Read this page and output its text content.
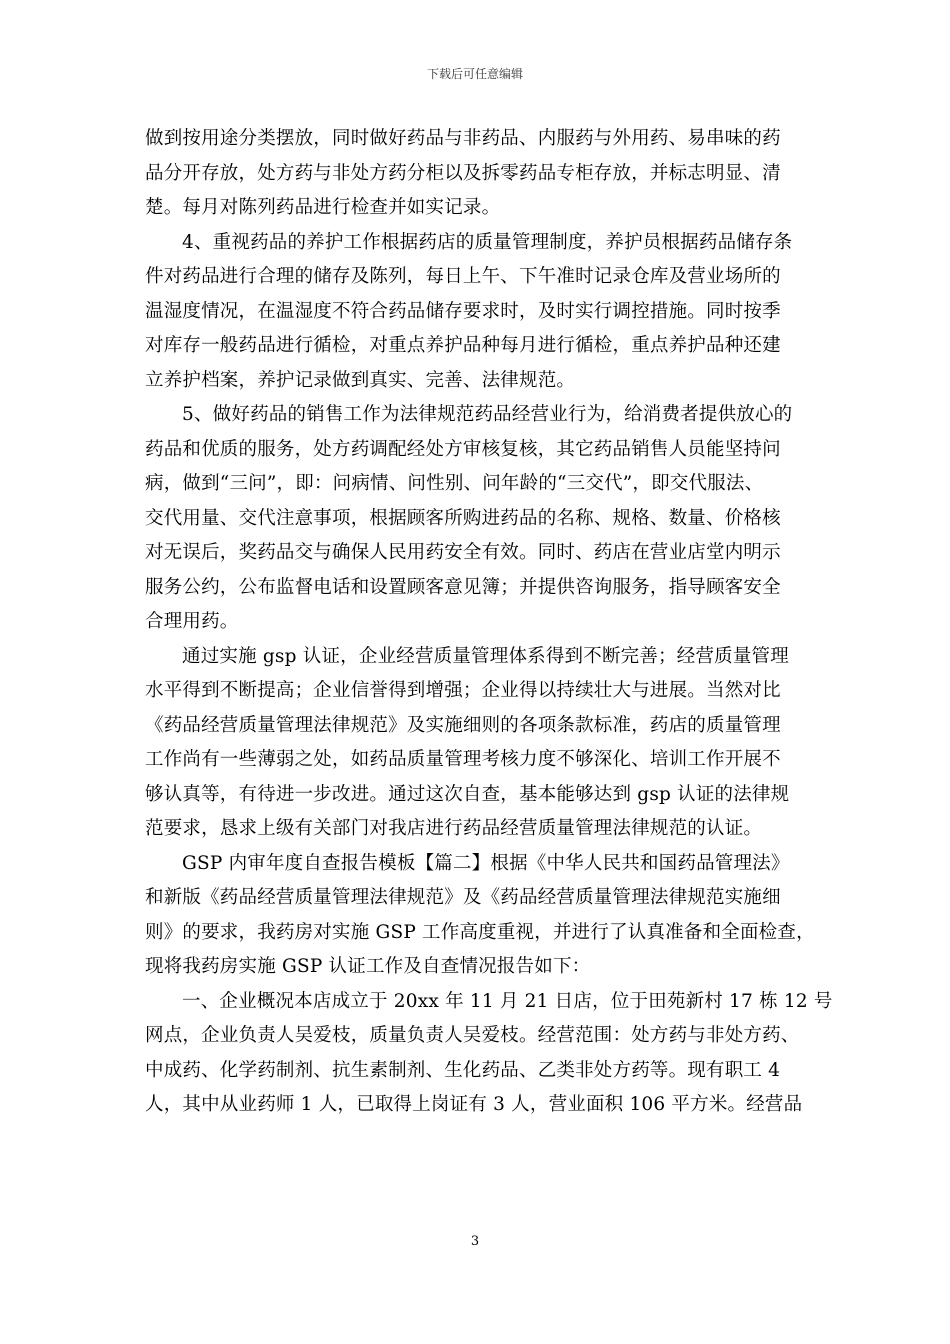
下载后可任意编辑

做到按用途分类摆放，同时做好药品与非药品、内服药与外用药、易串味的药
品分开存放，处方药与非处方药分柜以及拆零药品专柜存放，并标志明显、清
楚。每月对陈列药品进行检查并如实记录。

4、重视药品的养护工作根据药店的质量管理制度，养护员根据药品储存条
件对药品进行合理的储存及陈列，每日上午、下午准时记录仓库及营业场所的
温湿度情况，在温湿度不符合药品储存要求时，及时实行调控措施。同时按季
对库存一般药品进行循检，对重点养护品种每月进行循检，重点养护品种还建
立养护档案，养护记录做到真实、完善、法律规范。

5、做好药品的销售工作为法律规范药品经营业行为，给消费者提供放心的
药品和优质的服务，处方药调配经处方审核复核，其它药品销售人员能坚持问
病，做到“三问”，即：问病情、问性别、问年龄的“三交代”，即交代服法、
交代用量、交代注意事项，根据顾客所购进药品的名称、规格、数量、价格核
对无误后，奖药品交与确保人民用药安全有效。同时、药店在营业店堂内明示
服务公约，公布监督电话和设置顾客意见簿；并提供咨询服务，指导顾客安全
合理用药。

通过实施 gsp 认证，企业经营质量管理体系得到不断完善；经营质量管理
水平得到不断提高；企业信誉得到增强；企业得以持续壮大与进展。当然对比
《药品经营质量管理法律规范》及实施细则的各项条款标准，药店的质量管理
工作尚有一些薄弱之处，如药品质量管理考核力度不够深化、培训工作开展不
够认真等，有待进一步改进。通过这次自查，基本能够达到 gsp 认证的法律规
范要求，恳求上级有关部门对我店进行药品经营质量管理法律规范的认证。

GSP 内审年度自查报告模板【篇二】根据《中华人民共和国药品管理法》
和新版《药品经营质量管理法律规范》及《药品经营质量管理法律规范实施细
则》的要求，我药房对实施 GSP 工作高度重视，并进行了认真准备和全面检查，
现将我药房实施 GSP 认证工作及自查情况报告如下：

一、企业概况本店成立于 20xx 年 11 月 21 日店，位于田苑新村 17 栋 12 号
网点，企业负责人吴爱枝，质量负责人吴爱枝。经营范围：处方药与非处方药、
中成药、化学药制剂、抗生素制剂、生化药品、乙类非处方药等。现有职工 4
人，其中从业药师 1 人，已取得上岗证有 3 人，营业面积 106 平方米。经营品

3
